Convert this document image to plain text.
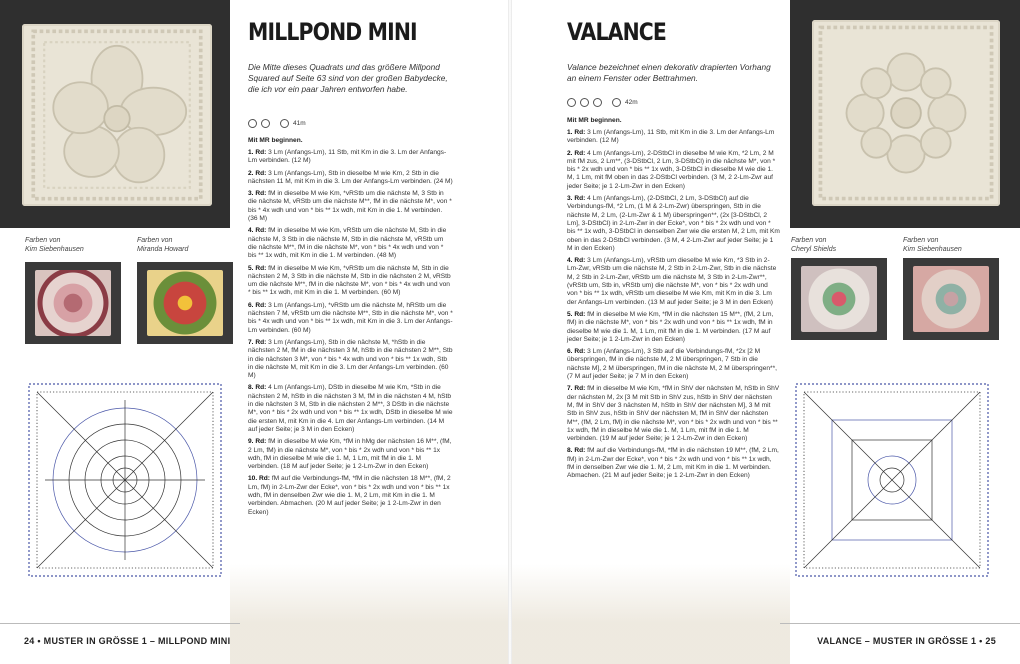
Farben von
Kim Siebenhausen
Farben von
Miranda Howard
MILLPOND MINI
Die Mitte dieses Quadrats und das größere Millpond Squared auf Seite 63 sind von der großen Babydecke, die ich vor ein paar Jahren entworfen habe.
41m
Mit MR beginnen.

1. Rd: 3 Lm (Anfangs-Lm), 11 Stb, mit Km in die 3. Lm der Anfangs-Lm verbinden. (12 M)

2. Rd: 3 Lm (Anfangs-Lm), Stb in dieselbe M wie Km, 2 Stb in die nächsten 11 M, mit Km in die 3. Lm der Anfangs-Lm verbinden. (24 M)

3. Rd: fM in dieselbe M wie Km, *vRStb um die nächste M, 3 Stb in die nächste M, vRStb um die nächste M**, fM in die nächste M*, von * bis * 4x wdh und von * bis ** 1x wdh, mit Km in die 1. M verbinden. (36 M)

4. Rd: fM in dieselbe M wie Km, vRStb um die nächste M, Stb in die nächste M, 3 Stb in die nächste M, Stb in die nächste M, vRStb um die nächste M**, fM in die nächste M*, von * bis * 4x wdh und von * bis ** 1x wdh, mit Km in die 1. M verbinden. (48 M)

5. Rd: fM in dieselbe M wie Km, *vRStb um die nächste M, Stb in die nächsten 2 M, 3 Stb in die nächste M, Stb in die nächsten 2 M, vRStb um die nächste M**, fM in die nächste M*, von * bis * 4x wdh und von * bis ** 1x wdh, mit Km in die 1. M verbinden. (60 M)

6. Rd: 3 Lm (Anfangs-Lm), *vRStb um die nächste M, hRStb um die nächsten 7 M, vRStb um die nächste M**, Stb in die nächste M*, von * bis * 4x wdh und von * bis ** 1x wdh, mit Km in die 3. Lm der Anfangs-Lm verbinden. (60 M)

7. Rd: 3 Lm (Anfangs-Lm), Stb in die nächste M, *hStb in die nächsten 2 M, fM in die nächsten 3 M, hStb in die nächsten 2 M**, Stb in die nächsten 3 M*, von * bis * 4x wdh und von * bis ** 1x wdh, Stb in die nächste M, mit Km in die 3. Lm der Anfangs-Lm verbinden. (60 M)

8. Rd: 4 Lm (Anfangs-Lm), DStb in dieselbe M wie Km, *Stb in die nächsten 2 M, hStb in die nächsten 3 M, fM in die nächsten 4 M, hStb in die nächsten 3 M, Stb in die nächsten 2 M**, 3 DStb in die nächste M*, von * bis * 2x wdh und von * bis ** 1x wdh, DStb in dieselbe M wie die ersten M, mit Km in die 4. Lm der Anfangs-Lm verbinden. (14 M auf jeder Seite; je 3 M in den Ecken)

9. Rd: fM in dieselbe M wie Km, *fM in hMg der nächsten 16 M**, (fM, 2 Lm, fM) in die nächste M*, von * bis * 2x wdh und von * bis ** 1x wdh, fM in dieselbe M wie die 1. M, 1 Lm, mit fM in die 1. M verbinden. (18 M auf jeder Seite; je 1 2-Lm-Zwr in den Ecken)

10. Rd: fM auf die Verbindungs-fM, *fM in die nächsten 18 M**, (fM, 2 Lm, fM) in 2-Lm-Zwr der Ecke*, von * bis * 2x wdh und von * bis ** 1x wdh, fM in denselben Zwr wie die 1. M, 2 Lm, mit Km in die 1. M verbinden. Abmachen. (20 M auf jeder Seite; je 1 2-Lm-Zwr in den Ecken)

24 • MUSTER IN GRÖSSE 1 – MILLPOND MINI
Farben von
Cheryl Shields
Farben von
Kim Siebenhausen
VALANCE
Valance bezeichnet einen dekorativ drapierten Vorhang an einem Fenster oder Bettrahmen.
42m
Mit MR beginnen.

1. Rd: 3 Lm (Anfangs-Lm), 11 Stb, mit Km in die 3. Lm der Anfangs-Lm verbinden. (12 M)

2. Rd: 4 Lm (Anfangs-Lm), 2-DStbCl in dieselbe M wie Km, *2 Lm, 2 M mit fM zus, 2 Lm**, (3-DStbCl, 2 Lm, 3-DStbCl) in die nächste M*, von * bis * 2x wdh und von * bis ** 1x wdh, 3-DStbCl in dieselbe M wie die 1. M, 1 Lm, mit fM oben in das 2-DStbCl verbinden. (3 M, 2 2-Lm-Zwr auf jeder Seite; je 1 2-Lm-Zwr in den Ecken)

3. Rd: 4 Lm (Anfangs-Lm), (2-DStbCl, 2 Lm, 3-DStbCl) auf die Verbindungs-fM, *2 Lm, (1 M & 2-Lm-Zwr) überspringen, Stb in die nächste M, 2 Lm, (2-Lm-Zwr & 1 M) überspringen**, (2x [3-DStbCl, 2 Lm], 3-DStbCl) in 2-Lm-Zwr in der Ecke*, von * bis * 2x wdh und von * bis ** 1x wdh, 3-DStbCl in denselben Zwr wie die ersten M, 2 Lm, mit Km oben in das 2-DStbCl verbinden. (3 M, 4 2-Lm-Zwr auf jeder Seite; je 1 M in den Ecken)

4. Rd: 3 Lm (Anfangs-Lm), vRStb um dieselbe M wie Km, *3 Stb in 2-Lm-Zwr, vRStb um die nächste M, 2 Stb in 2-Lm-Zwr, Stb in die nächste M, 2 Stb in 2-Lm-Zwr, vRStb um die nächste M, 3 Stb in 2-Lm-Zwr**, (vRStb um, Stb in, vRStb um) die nächste M*, von * bis * 2x wdh und von * bis ** 1x wdh, vRStb um dieselbe M wie Km, mit Km in die 3. Lm der Anfangs-Lm verbinden. (13 M auf jeder Seite; je 3 M in den Ecken)

5. Rd: fM in dieselbe M wie Km, *fM in die nächsten 15 M**, (fM, 2 Lm, fM) in die nächste M*, von * bis * 2x wdh und von * bis ** 1x wdh, fM in dieselbe M wie die 1. M, 1 Lm, mit fM in die 1. M verbinden. (17 M auf jeder Seite; je 1 2-Lm-Zwr in den Ecken)

6. Rd: 3 Lm (Anfangs-Lm), 3 Stb auf die Verbindungs-fM, *2x [2 M überspringen, fM in die nächste M, 2 M überspringen, 7 Stb in die nächste M], 2 M überspringen, fM in die nächste M, 2 M überspringen**, (7 M auf jeder Seite; je 7 M in den Ecken)

7. Rd: fM in dieselbe M wie Km, *fM in ShV der nächsten M, hStb in ShV der nächsten M, 2x [3 M mit Stb in ShV zus, hStb in ShV der nächsten M, fM in ShV der 3 nächsten M, hStb in ShV der nächsten M], 3 M mit Stb in ShV zus, hStb in ShV der nächsten M, fM in ShV der nächsten M**, (fM, 2 Lm, fM) in die nächste M*, von * bis * 2x wdh und von * bis ** 1x wdh, fM in dieselbe M wie die 1. M, 1 Lm, mit fM in die 1. M verbinden. (19 M auf jeder Seite; je 1 2-Lm-Zwr in den Ecken)

8. Rd: fM auf die Verbindungs-fM, *fM in die nächsten 19 M**, (fM, 2 Lm, fM) in 2-Lm-Zwr der Ecke*, von * bis * 2x wdh und von * bis ** 1x wdh, fM in denselben Zwr wie die 1. M, 2 Lm, mit Km in die 1. M verbinden. Abmachen. (21 M auf jeder Seite; je 1 2-Lm-Zwr in den Ecken)

VALANCE – MUSTER IN GRÖSSE 1 • 25
